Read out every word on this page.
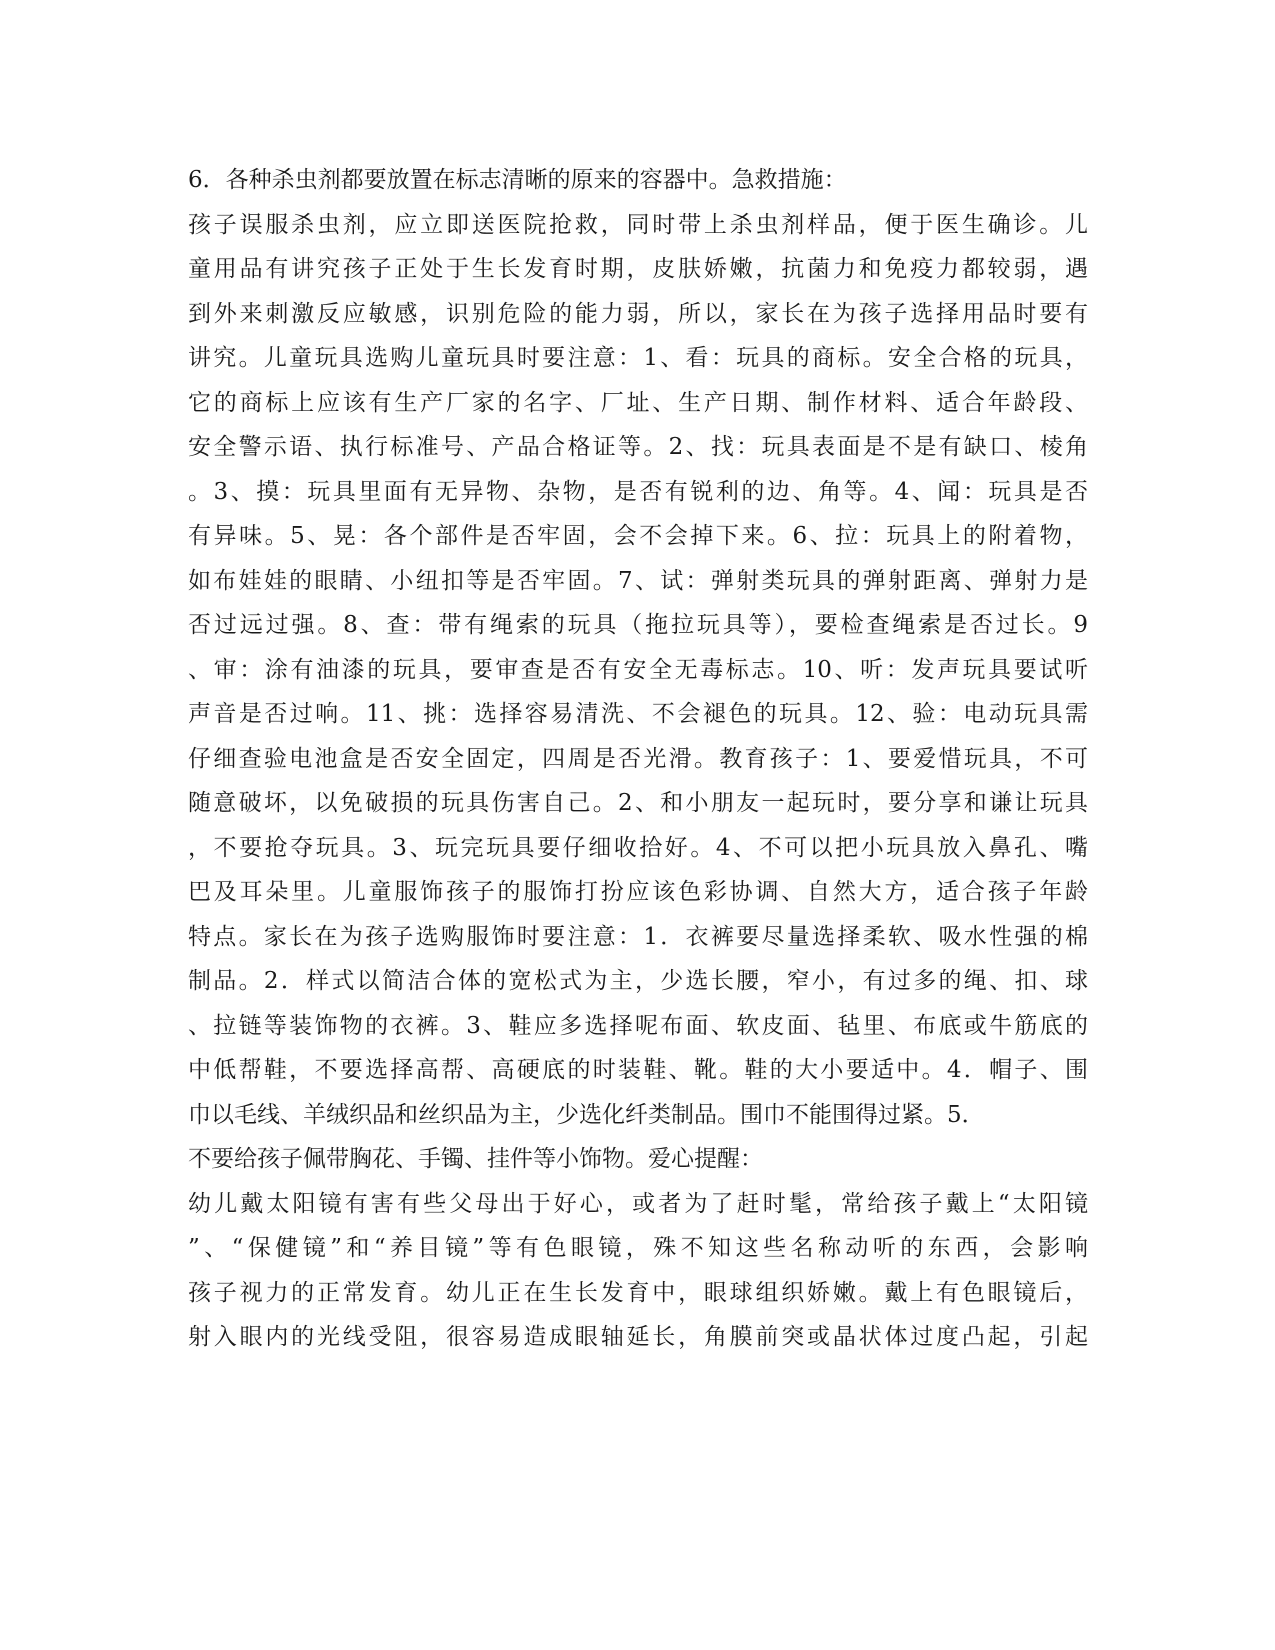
6．各种杀虫剂都要放置在标志清晰的原来的容器中。急救措施：
孩子误服杀虫剂，应立即送医院抢救，同时带上杀虫剂样品，便于医生确诊。儿
童用品有讲究孩子正处于生长发育时期，皮肤娇嫩，抗菌力和免疫力都较弱，遇
到外来刺激反应敏感，识别危险的能力弱，所以，家长在为孩子选择用品时要有
讲究。儿童玩具选购儿童玩具时要注意：1、看：玩具的商标。安全合格的玩具，
它的商标上应该有生产厂家的名字、厂址、生产日期、制作材料、适合年龄段、
安全警示语、执行标准号、产品合格证等。2、找：玩具表面是不是有缺口、棱角
。3、摸：玩具里面有无异物、杂物，是否有锐利的边、角等。4、闻：玩具是否
有异味。5、晃：各个部件是否牢固，会不会掉下来。6、拉：玩具上的附着物，
如布娃娃的眼睛、小纽扣等是否牢固。7、试：弹射类玩具的弹射距离、弹射力是
否过远过强。8、查：带有绳索的玩具（拖拉玩具等），要检查绳索是否过长。9
、审：涂有油漆的玩具，要审查是否有安全无毒标志。10、听：发声玩具要试听
声音是否过响。11、挑：选择容易清洗、不会褪色的玩具。12、验：电动玩具需
仔细查验电池盒是否安全固定，四周是否光滑。教育孩子：1、要爱惜玩具，不可
随意破坏，以免破损的玩具伤害自己。2、和小朋友一起玩时，要分享和谦让玩具
，不要抢夺玩具。3、玩完玩具要仔细收拾好。4、不可以把小玩具放入鼻孔、嘴
巴及耳朵里。儿童服饰孩子的服饰打扮应该色彩协调、自然大方，适合孩子年龄
特点。家长在为孩子选购服饰时要注意：1．衣裤要尽量选择柔软、吸水性强的棉
制品。2．样式以简洁合体的宽松式为主，少选长腰，窄小，有过多的绳、扣、球
、拉链等装饰物的衣裤。3、鞋应多选择呢布面、软皮面、毡里、布底或牛筋底的
中低帮鞋，不要选择高帮、高硬底的时装鞋、靴。鞋的大小要适中。4．帽子、围
巾以毛线、羊绒织品和丝织品为主，少选化纤类制品。围巾不能围得过紧。5．
不要给孩子佩带胸花、手镯、挂件等小饰物。爱心提醒：
幼儿戴太阳镜有害有些父母出于好心，或者为了赶时髦，常给孩子戴上“太阳镜
”、“保健镜”和“养目镜”等有色眼镜，殊不知这些名称动听的东西，会影响
孩子视力的正常发育。幼儿正在生长发育中，眼球组织娇嫩。戴上有色眼镜后，
射入眼内的光线受阻，很容易造成眼轴延长，角膜前突或晶状体过度凸起，引起
